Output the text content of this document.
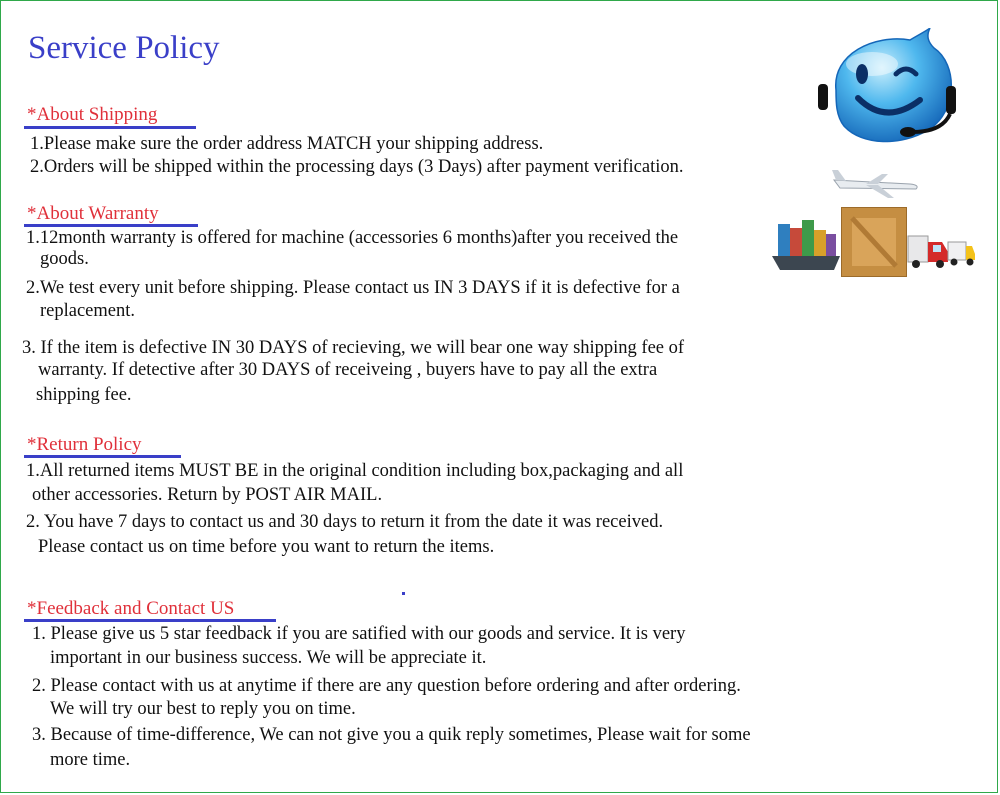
Service Policy
*About Shipping
1.Please make sure the order address MATCH your shipping address.
2.Orders will be shipped within the processing days (3 Days) after payment verification.
*About Warranty
1.12month warranty is offered for machine (accessories 6 months)after you received the
goods.
2.We test every unit before shipping. Please contact us IN 3 DAYS if it is defective for a
replacement.
3. If the item is defective IN 30 DAYS of recieving, we will bear one way shipping fee of
warranty. If detective after 30 DAYS of receiveing , buyers have to pay all the extra
shipping fee.
*Return Policy
1.All returned items MUST BE in the original condition including box,packaging and all
other accessories. Return by POST AIR MAIL.
2. You have 7 days to contact us and 30 days to return it from the date it was received.
Please contact us on time before you want to return the items.
*Feedback and Contact US
1. Please give us 5 star feedback if you are satified with our goods and service. It is very
important in our business success. We will be appreciate it.
2. Please contact with us at anytime if there are any question before ordering and after ordering.
We will try our best to reply you on time.
3. Because of time-difference, We can not give you a quik reply sometimes, Please wait for some
more time.
